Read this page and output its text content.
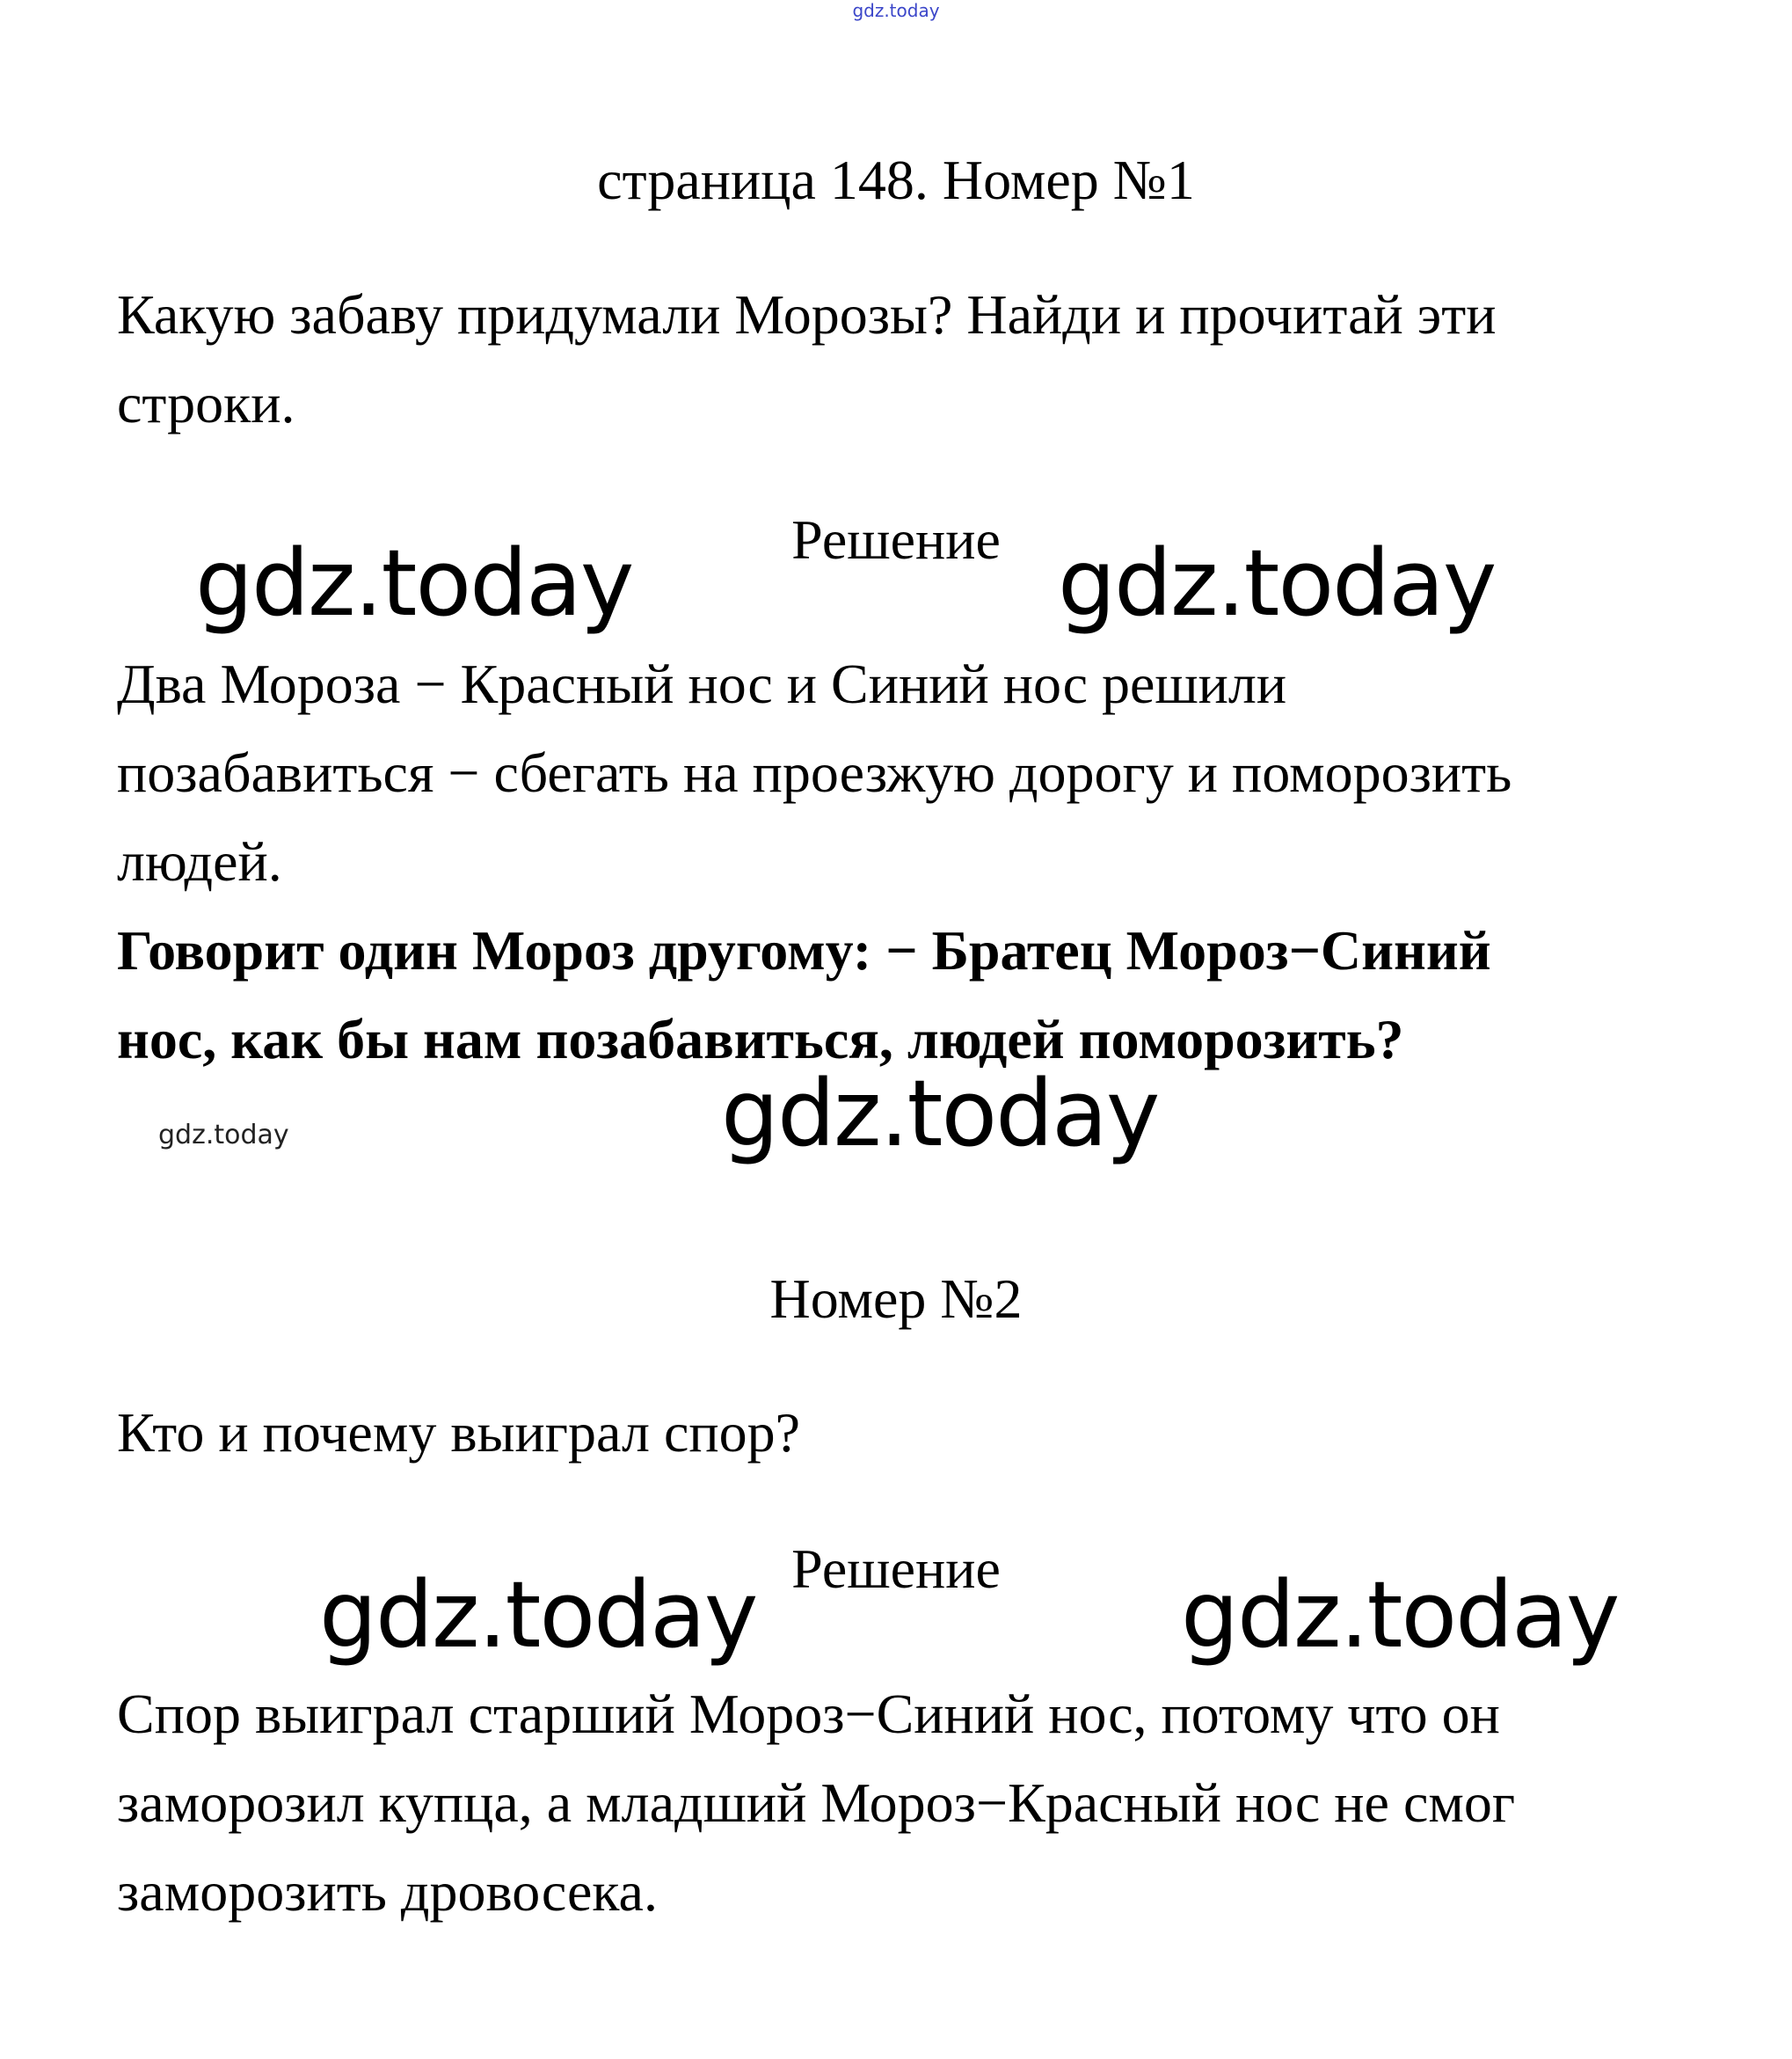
gdz.today
страница 148. Номер №1
Какую забаву придумали Морозы? Найди и прочитай эти
строки.
gdz.today	Решение gdz.today
Два Мороза − Красный нос и Синий нос решили
позабавиться − сбегать на проезжую дорогу и поморозить
людей.
Говорит один Мороз другому: − Братец Мороз−Синий
нос, как бы нам позабавиться, людей поморозить?
gdz.today
gdz.today
Номер №2
Кто и почему выиграл спор?
Решение
gdz.today	gdz.today
Спор выиграл старший Мороз−Синий нос, потому что он
заморозил купца, а младший Мороз−Красный нос не смог
заморозить дровосека.
